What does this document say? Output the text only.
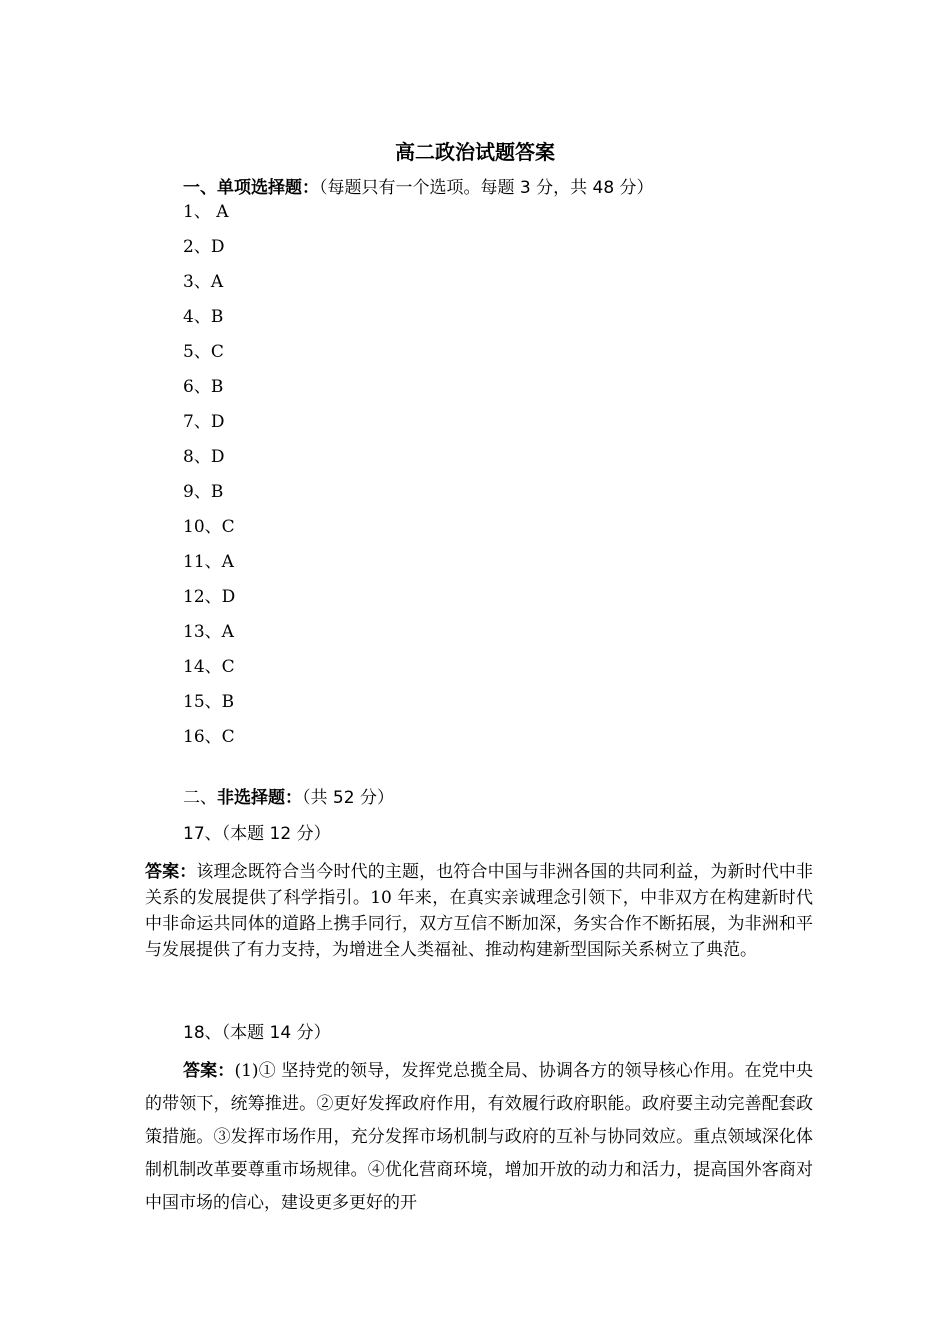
高二政治试题答案
一、单项选择题：（每题只有一个选项。每题 3 分，共 48 分）
1、 A
2、D
3、A
4、B
5、C
6、B
7、D
8、D
9、B
10、C
11、A
12、D
13、A
14、C
15、B
16、C
二、非选择题：（共 52 分）
17、（本题 12 分）
答案：该理念既符合当今时代的主题，也符合中国与非洲各国的共同利益，为新时代中非关系的发展提供了科学指引。10 年来，在真实亲诚理念引领下，中非双方在构建新时代中非命运共同体的道路上携手同行，双方互信不断加深，务实合作不断拓展，为非洲和平与发展提供了有力支持，为增进全人类福祉、推动构建新型国际关系树立了典范。
18、（本题 14 分）
答案：(1)① 坚持党的领导，发挥党总揽全局、协调各方的领导核心作用。在党中央的带领下，统筹推进。②更好发挥政府作用，有效履行政府职能。政府要主动完善配套政策措施。③发挥市场作用，充分发挥市场机制与政府的互补与协同效应。重点领域深化体制机制改革要尊重市场规律。④优化营商环境，增加开放的动力和活力，提高国外客商对中国市场的信心，建设更多更好的开
